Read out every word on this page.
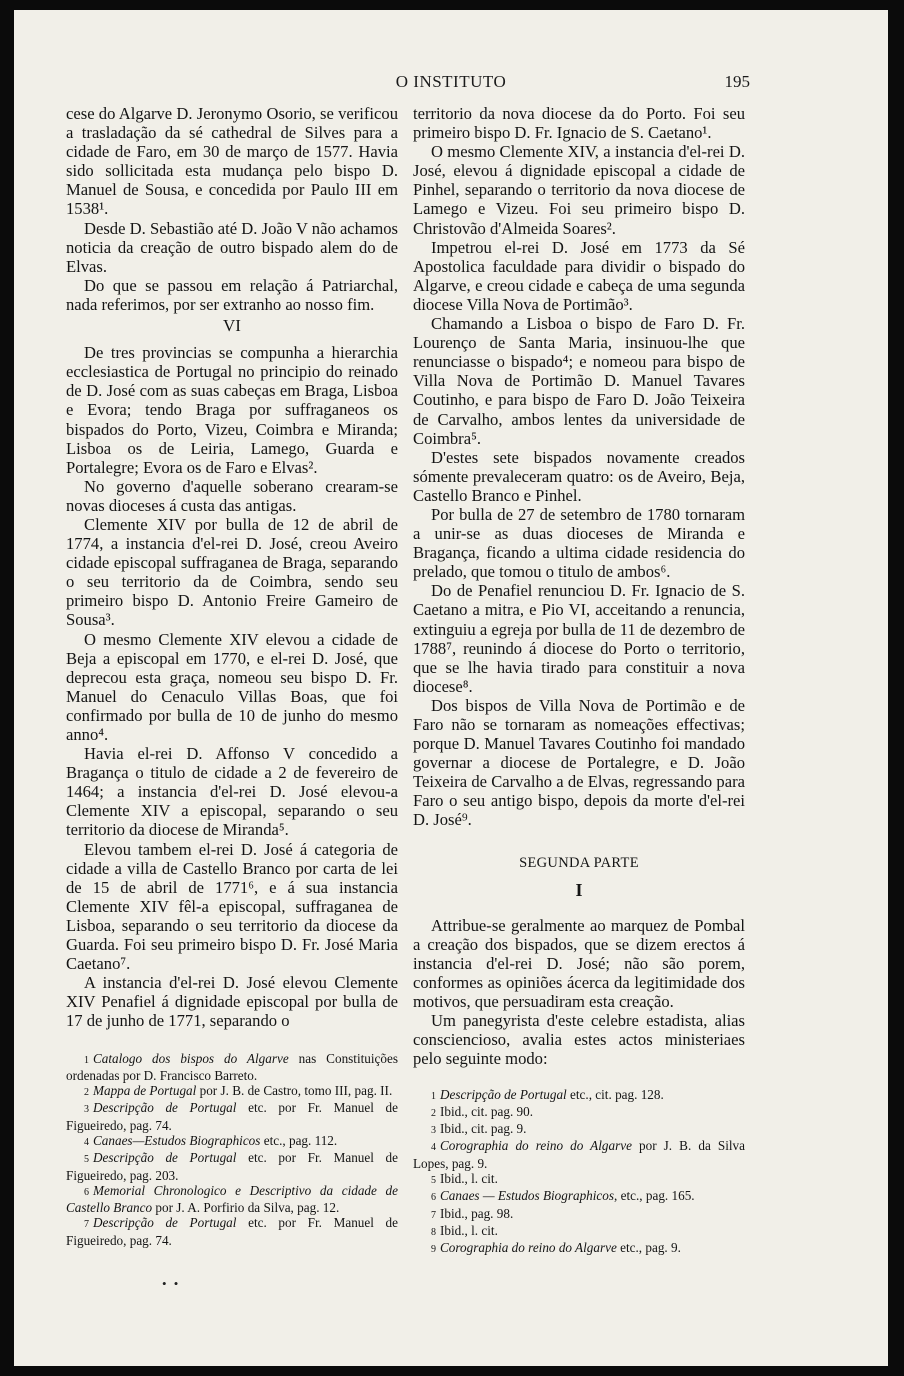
O INSTITUTO	195

cese do Algarve D. Jeronymo Osorio, se verificou a trasladação da sé cathedral de Silves para a cidade de Faro, em 30 de março de 1577. Havia sido sollicitada esta mudança pelo bispo D. Manuel de Sousa, e concedida por Paulo III em 1538¹.

Desde D. Sebastião até D. João V não achamos noticia da creação de outro bispado alem do de Elvas.

Do que se passou em relação á Patriarchal, nada referimos, por ser extranho ao nosso fim.

VI

De tres provincias se compunha a hierarchia ecclesiastica de Portugal no principio do reinado de D. José com as suas cabeças em Braga, Lisboa e Evora; tendo Braga por suffraganeos os bispados do Porto, Vizeu, Coimbra e Miranda; Lisboa os de Leiria, Lamego, Guarda e Portalegre; Evora os de Faro e Elvas².

No governo d'aquelle soberano crearam-se novas dioceses á custa das antigas.

Clemente XIV por bulla de 12 de abril de 1774, a instancia d'el-rei D. José, creou Aveiro cidade episcopal suffraganea de Braga, separando o seu territorio da de Coimbra, sendo seu primeiro bispo D. Antonio Freire Gameiro de Sousa³.

O mesmo Clemente XIV elevou a cidade de Beja a episcopal em 1770, e el-rei D. José, que deprecou esta graça, nomeou seu bispo D. Fr. Manuel do Cenaculo Villas Boas, que foi confirmado por bulla de 10 de junho do mesmo anno⁴.

Havia el-rei D. Affonso V concedido a Bragança o titulo de cidade a 2 de fevereiro de 1464; a instancia d'el-rei D. José elevou-a Clemente XIV a episcopal, separando o seu territorio da diocese de Miranda⁵.

Elevou tambem el-rei D. José á categoria de cidade a villa de Castello Branco por carta de lei de 15 de abril de 1771⁶, e á sua instancia Clemente XIV fêl-a episcopal, suffraganea de Lisboa, separando o seu territorio da diocese da Guarda. Foi seu primeiro bispo D. Fr. José Maria Caetano⁷.

A instancia d'el-rei D. José elevou Clemente XIV Penafiel á dignidade episcopal por bulla de 17 de junho de 1771, separando o

1 Catalogo dos bispos do Algarve nas Constituições ordenadas por D. Francisco Barreto.
2 Mappa de Portugal por J. B. de Castro, tomo III, pag. II.
3 Descripção de Portugal etc. por Fr. Manuel de Figueiredo, pag. 74.
4 Canaes—Estudos Biographicos etc., pag. 112.
5 Descripção de Portugal etc. por Fr. Manuel de Figueiredo, pag. 203.
6 Memorial Chronologico e Descriptivo da cidade de Castello Branco por J. A. Porfirio da Silva, pag. 12.
7 Descripção de Portugal etc. por Fr. Manuel de Figueiredo, pag. 74.

territorio da nova diocese da do Porto. Foi seu primeiro bispo D. Fr. Ignacio de S. Caetano¹.

O mesmo Clemente XIV, a instancia d'el-rei D. José, elevou á dignidade episcopal a cidade de Pinhel, separando o territorio da nova diocese de Lamego e Vizeu. Foi seu primeiro bispo D. Christovão d'Almeida Soares².

Impetrou el-rei D. José em 1773 da Sé Apostolica faculdade para dividir o bispado do Algarve, e creou cidade e cabeça de uma segunda diocese Villa Nova de Portimão³.

Chamando a Lisboa o bispo de Faro D. Fr. Lourenço de Santa Maria, insinuou-lhe que renunciasse o bispado⁴; e nomeou para bispo de Villa Nova de Portimão D. Manuel Tavares Coutinho, e para bispo de Faro D. João Teixeira de Carvalho, ambos lentes da universidade de Coimbra⁵.

D'estes sete bispados novamente creados sómente prevaleceram quatro: os de Aveiro, Beja, Castello Branco e Pinhel.

Por bulla de 27 de setembro de 1780 tornaram a unir-se as duas dioceses de Miranda e Bragança, ficando a ultima cidade residencia do prelado, que tomou o titulo de ambos⁶.

Do de Penafiel renunciou D. Fr. Ignacio de S. Caetano a mitra, e Pio VI, acceitando a renuncia, extinguiu a egreja por bulla de 11 de dezembro de 1788⁷, reunindo á diocese do Porto o territorio, que se lhe havia tirado para constituir a nova diocese⁸.

Dos bispos de Villa Nova de Portimão e de Faro não se tornaram as nomeações effectivas; porque D. Manuel Tavares Coutinho foi mandado governar a diocese de Portalegre, e D. João Teixeira de Carvalho a de Elvas, regressando para Faro o seu antigo bispo, depois da morte d'el-rei D. José⁹.

SEGUNDA PARTE
I

Attribue-se geralmente ao marquez de Pombal a creação dos bispados, que se dizem erectos á instancia d'el-rei D. José; não são porem, conformes as opiniões ácerca da legitimidade dos motivos, que persuadiram esta creação.

Um panegyrista d'este celebre estadista, alias consciencioso, avalia estes actos ministeriaes pelo seguinte modo:

1 Descripção de Portugal etc., cit. pag. 128.
2 Ibid., cit. pag. 90.
3 Ibid., cit. pag. 9.
4 Corographia do reino do Algarve por J. B. da Silva Lopes, pag. 9.
5 Ibid., l. cit.
6 Canaes — Estudos Biographicos, etc., pag. 165.
7 Ibid., pag. 98.
8 Ibid., l. cit.
9 Corographia do reino do Algarve etc., pag. 9.
• •
